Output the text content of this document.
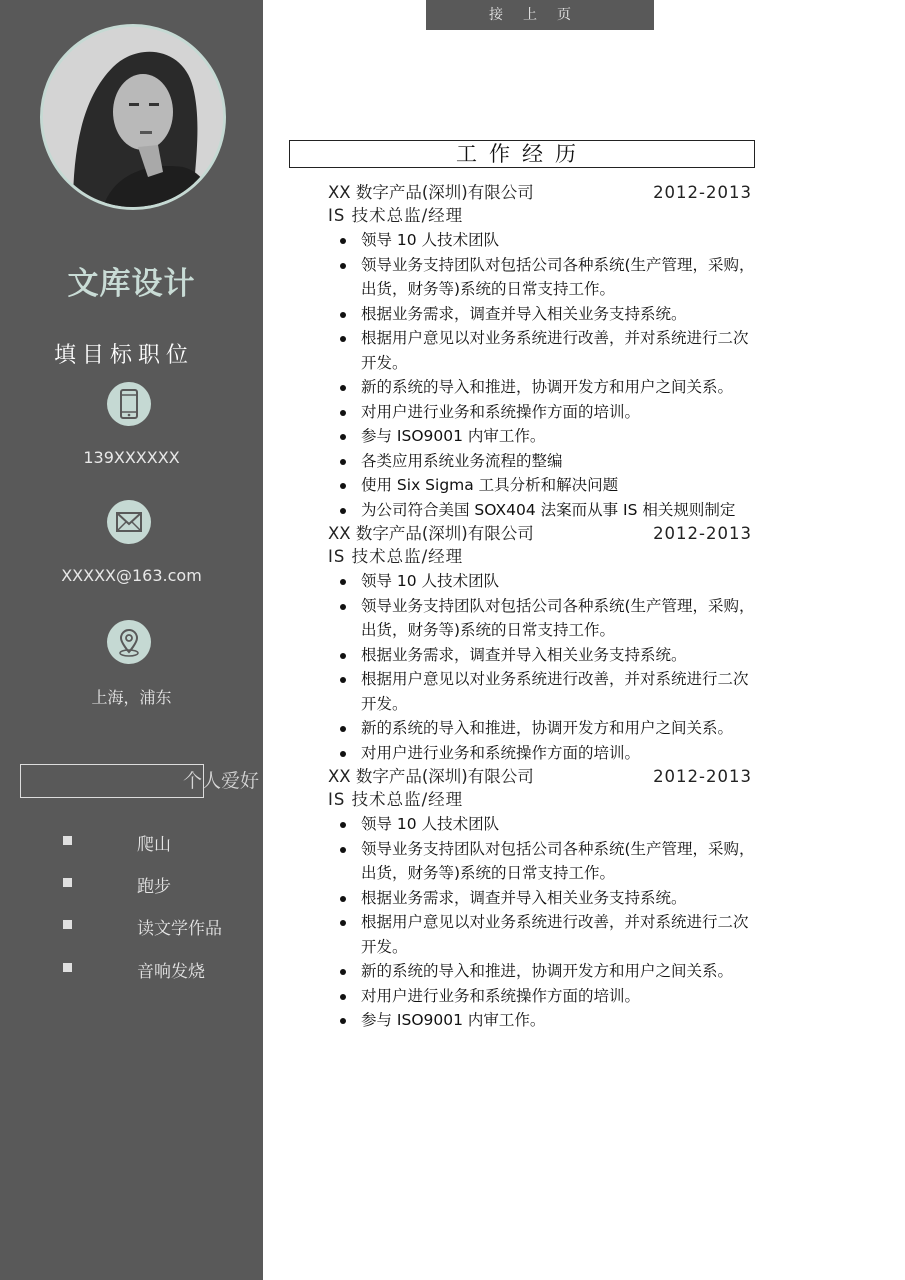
文库设计
填目标职位
139XXXXXX
XXXXX@163.com
上海，浦东
个人爱好
爬山
跑步
读文学作品
音响发烧
接上页
工作经历
XX 数字产品(深圳)有限公司	2012-2013
IS 技术总监/经理
领导 10 人技术团队
领导业务支持团队对包括公司各种系统(生产管理，采购，出货，财务等)系统的日常支持工作。
根据业务需求，调查并导入相关业务支持系统。
根据用户意见以对业务系统进行改善，并对系统进行二次开发。
新的系统的导入和推进，协调开发方和用户之间关系。
对用户进行业务和系统操作方面的培训。
参与 ISO9001 内审工作。
各类应用系统业务流程的整编
使用 Six Sigma 工具分析和解决问题
为公司符合美国 SOX404 法案而从事 IS 相关规则制定
XX 数字产品(深圳)有限公司	2012-2013
IS 技术总监/经理
领导 10 人技术团队
领导业务支持团队对包括公司各种系统(生产管理，采购，出货，财务等)系统的日常支持工作。
根据业务需求，调查并导入相关业务支持系统。
根据用户意见以对业务系统进行改善，并对系统进行二次开发。
新的系统的导入和推进，协调开发方和用户之间关系。
对用户进行业务和系统操作方面的培训。
XX 数字产品(深圳)有限公司	2012-2013
IS 技术总监/经理
领导 10 人技术团队
领导业务支持团队对包括公司各种系统(生产管理，采购，出货，财务等)系统的日常支持工作。
根据业务需求，调查并导入相关业务支持系统。
根据用户意见以对业务系统进行改善，并对系统进行二次开发。
新的系统的导入和推进，协调开发方和用户之间关系。
对用户进行业务和系统操作方面的培训。
参与 ISO9001 内审工作。
